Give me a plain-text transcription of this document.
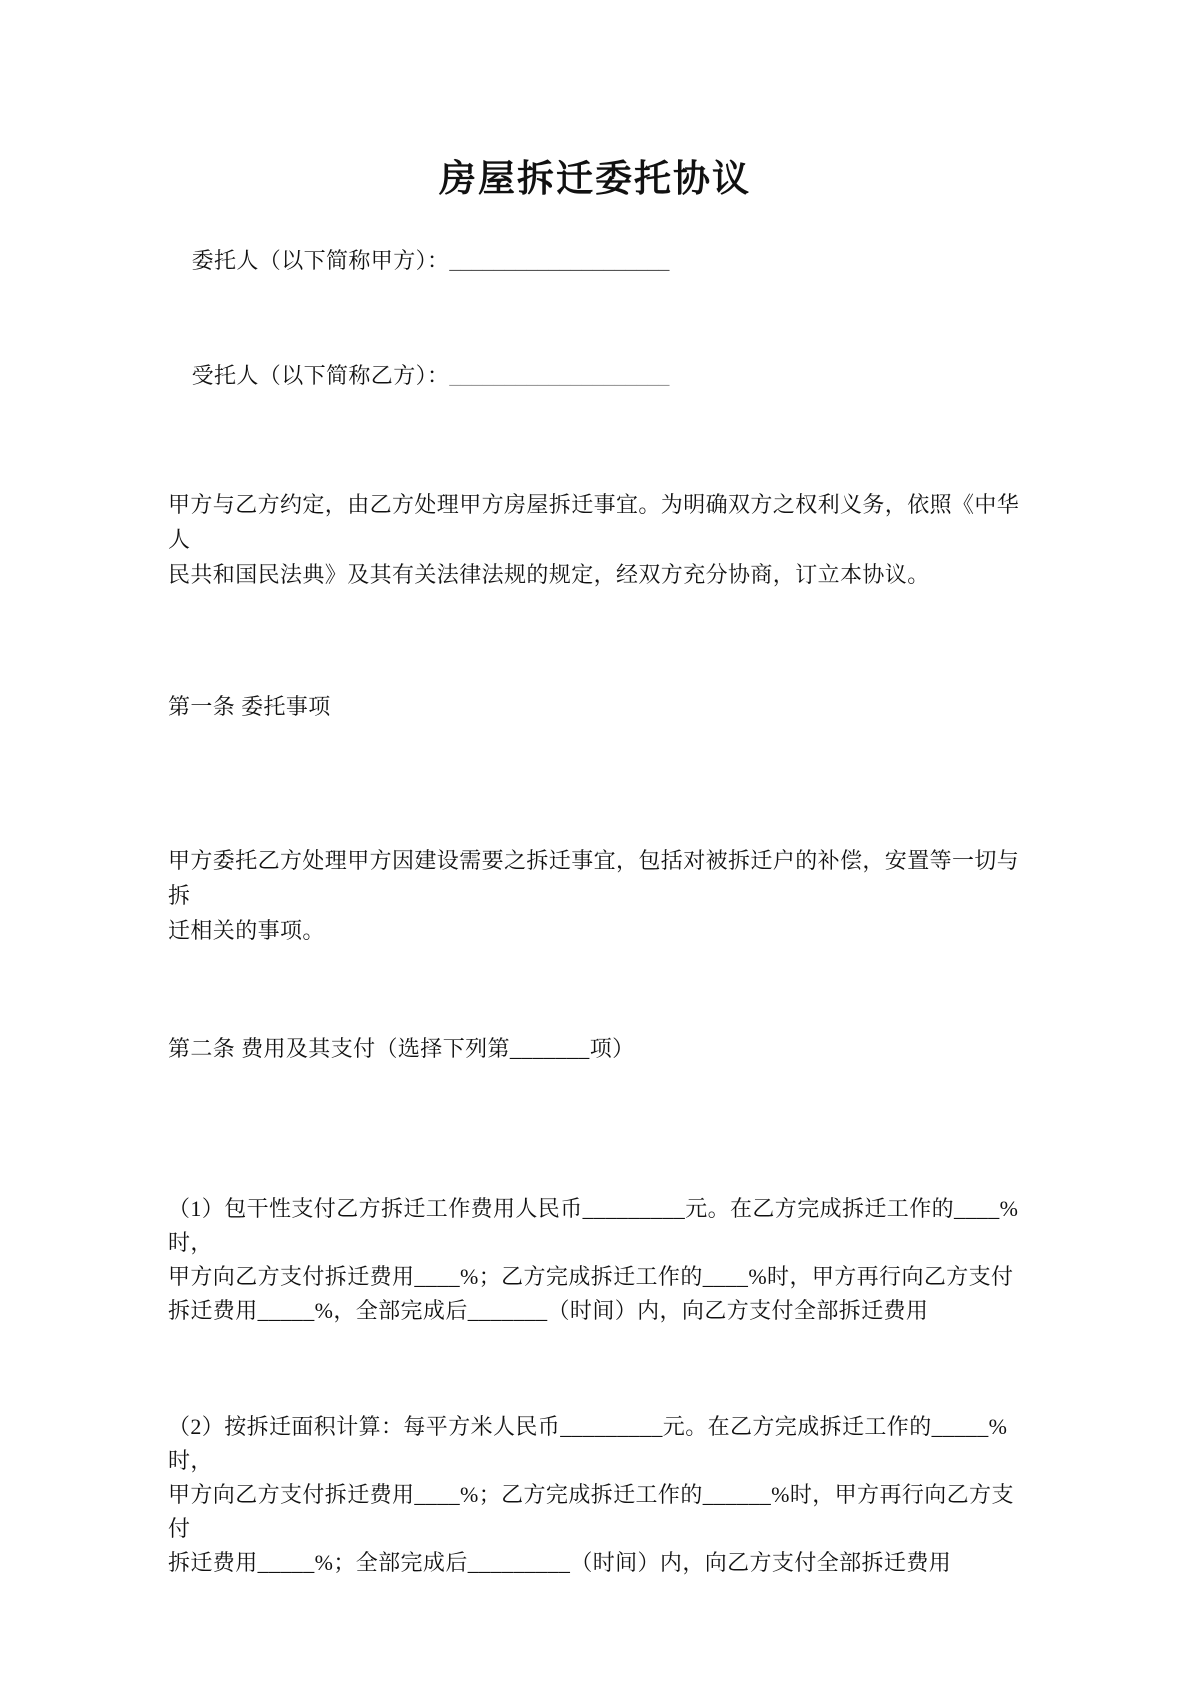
房屋拆迁委托协议

委托人（以下简称甲方）：____________________

受托人（以下简称乙方）：____________________

甲方与乙方约定，由乙方处理甲方房屋拆迁事宜。为明确双方之权利义务，依照《中华人
民共和国民法典》及其有关法律法规的规定，经双方充分协商，订立本协议。
第一条 委托事项
甲方委托乙方处理甲方因建设需要之拆迁事宜，包括对被拆迁户的补偿，安置等一切与拆
迁相关的事项。
第二条 费用及其支付（选择下列第_______项）
（1）包干性支付乙方拆迁工作费用人民币_________元。在乙方完成拆迁工作的____%时，
甲方向乙方支付拆迁费用____%；乙方完成拆迁工作的____%时，甲方再行向乙方支付
拆迁费用_____%，全部完成后_______（时间）内，向乙方支付全部拆迁费用
（2）按拆迁面积计算：每平方米人民币_________元。在乙方完成拆迁工作的_____%时，
甲方向乙方支付拆迁费用____%；乙方完成拆迁工作的______%时，甲方再行向乙方支付
拆迁费用_____%；全部完成后_________（时间）内，向乙方支付全部拆迁费用
